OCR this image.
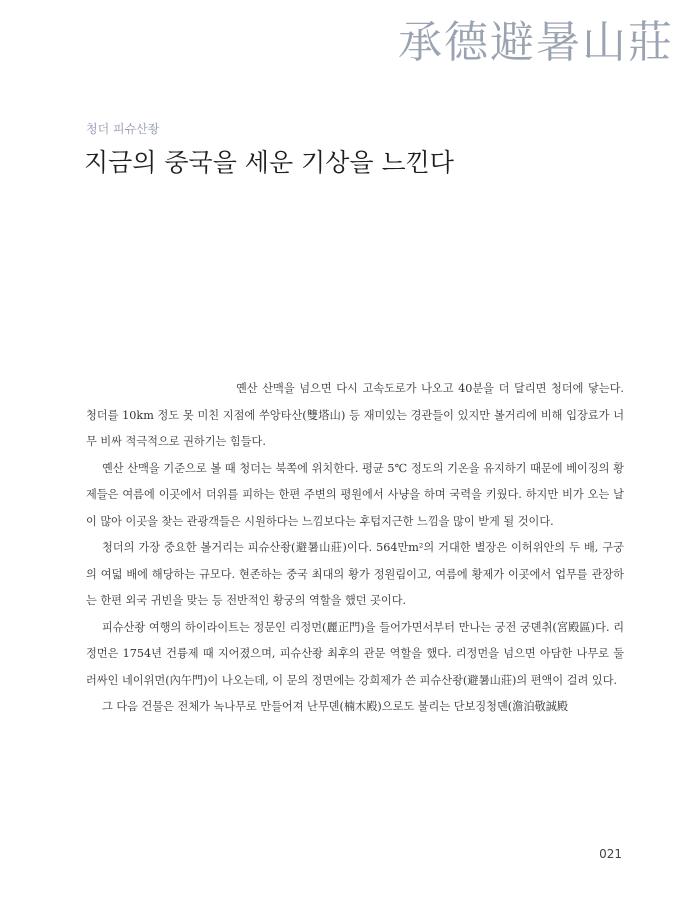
承德避暑山莊
청더 피슈산좡
지금의 중국을 세운 기상을 느낀다

옌산 산맥을 넘으면 다시 고속도로가 나오고 40분을 더 달리면 청더에 닿는다. 청더를 10km 정도 못 미친 지점에 쑤앙타산(雙塔山) 등 재미있는 경관들이 있지만 볼거리에 비해 입장료가 너무 비싸 적극적으로 권하기는 힘들다.

옌산 산맥을 기준으로 볼 때 청더는 북쪽에 위치한다. 평균 5℃ 정도의 기온을 유지하기 때문에 베이징의 황제들은 여름에 이곳에서 더위를 피하는 한편 주변의 평원에서 사냥을 하며 국력을 키웠다. 하지만 비가 오는 날이 많아 이곳을 찾는 관광객들은 시원하다는 느낌보다는 후텁지근한 느낌을 많이 받게 될 것이다.

청더의 가장 중요한 볼거리는 피슈산좡(避暑山莊)이다. 564만m²의 거대한 별장은 이허위안의 두 배, 구궁의 여덟 배에 해당하는 규모다. 현존하는 중국 최대의 황가 정원림이고, 여름에 황제가 이곳에서 업무를 관장하는 한편 외국 귀빈을 맞는 등 전반적인 황궁의 역할을 했던 곳이다.

피슈산좡 여행의 하이라이트는 정문인 리정먼(麗正門)을 들어가면서부터 만나는 궁전 궁뎬취(宮殿區)다. 리정먼은 1754년 건륭제 때 지어졌으며, 피슈산좡 최후의 관문 역할을 했다. 리정먼을 넘으면 아담한 나무로 둘러싸인 네이위먼(內午門)이 나오는데, 이 문의 정면에는 강희제가 쓴 피슈산좡(避暑山莊)의 편액이 걸려 있다.

그 다음 건물은 전체가 녹나무로 만들어져 난무뎬(楠木殿)으로도 불리는 단보징청뎬(澹泊敬誠殿

021
